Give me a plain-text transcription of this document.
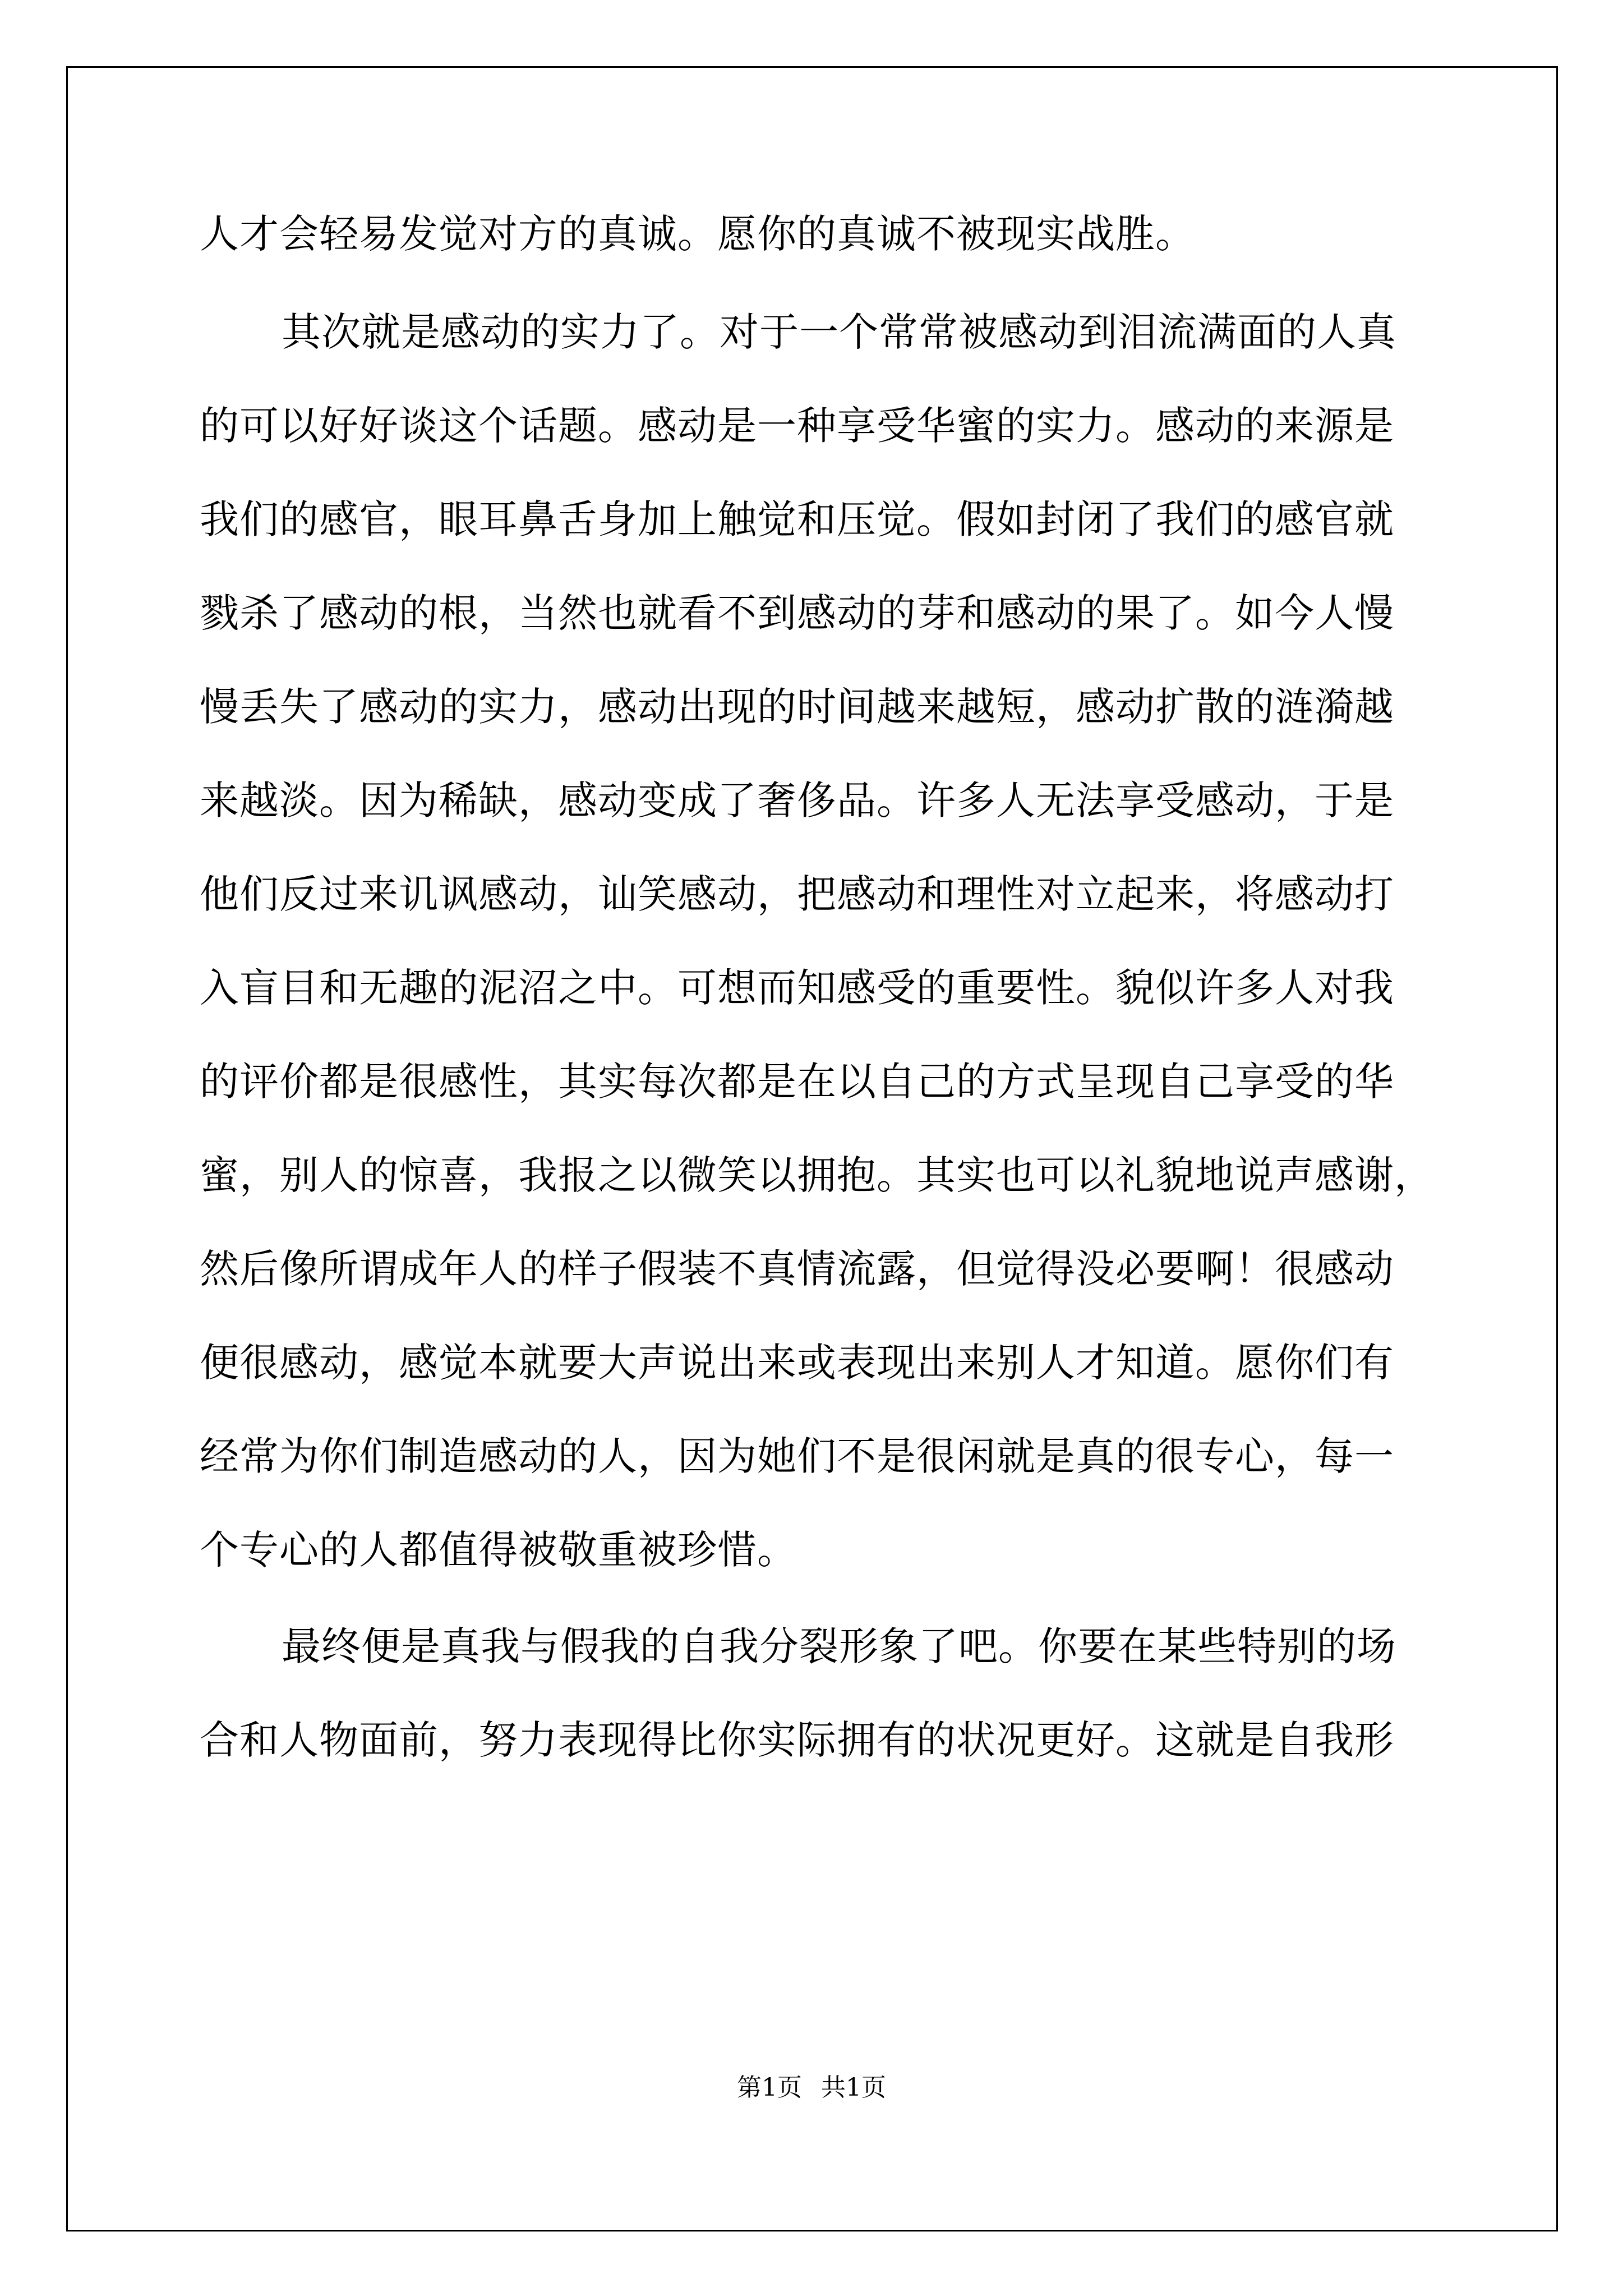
人才会轻易发觉对方的真诚。愿你的真诚不被现实战胜。
其次就是感动的实力了。对于一个常常被感动到泪流满面的人真
的可以好好谈这个话题。感动是一种享受华蜜的实力。感动的来源是
我们的感官，眼耳鼻舌身加上触觉和压觉。假如封闭了我们的感官就
戮杀了感动的根，当然也就看不到感动的芽和感动的果了。如今人慢
慢丢失了感动的实力，感动出现的时间越来越短，感动扩散的涟漪越
来越淡。因为稀缺，感动变成了奢侈品。许多人无法享受感动，于是
他们反过来讥讽感动，讪笑感动，把感动和理性对立起来，将感动打
入盲目和无趣的泥沼之中。可想而知感受的重要性。貌似许多人对我
的评价都是很感性，其实每次都是在以自己的方式呈现自己享受的华
蜜，别人的惊喜，我报之以微笑以拥抱。其实也可以礼貌地说声感谢，
然后像所谓成年人的样子假装不真情流露，但觉得没必要啊！很感动
便很感动，感觉本就要大声说出来或表现出来别人才知道。愿你们有
经常为你们制造感动的人，因为她们不是很闲就是真的很专心，每一
个专心的人都值得被敬重被珍惜。
最终便是真我与假我的自我分裂形象了吧。你要在某些特别的场
合和人物面前，努力表现得比你实际拥有的状况更好。这就是自我形
第1页 共1页
